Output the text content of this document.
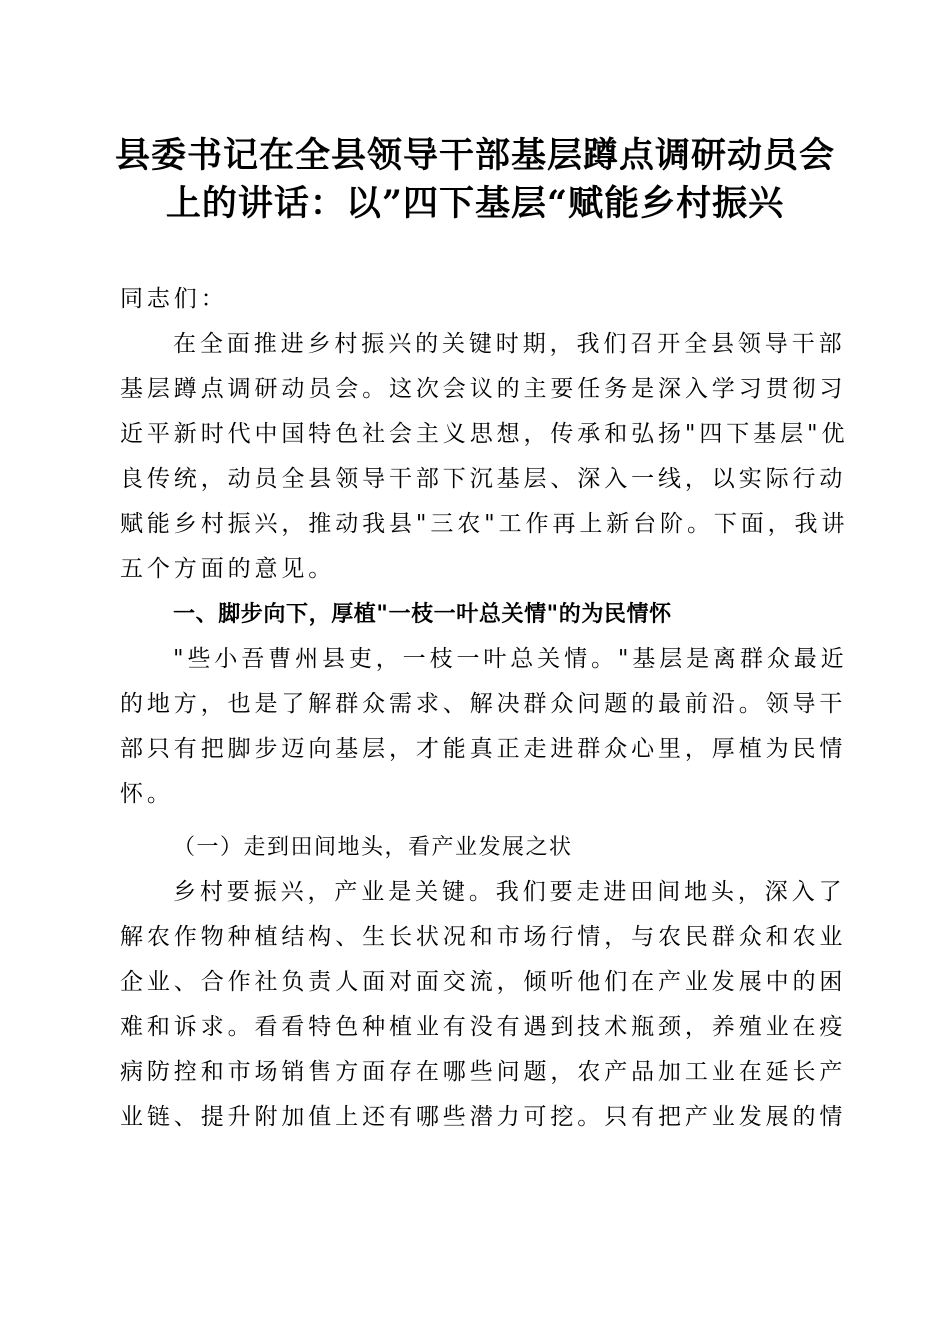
县委书记在全县领导干部基层蹲点调研动员会
上的讲话：以”四下基层“赋能乡村振兴

同志们：

在全面推进乡村振兴的关键时期，我们召开全县领导干部
基层蹲点调研动员会。这次会议的主要任务是深入学习贯彻习
近平新时代中国特色社会主义思想，传承和弘扬"四下基层"优
良传统，动员全县领导干部下沉基层、深入一线，以实际行动
赋能乡村振兴，推动我县"三农"工作再上新台阶。下面，我讲
五个方面的意见。

一、脚步向下，厚植"一枝一叶总关情"的为民情怀

"些小吾曹州县吏，一枝一叶总关情。"基层是离群众最近
的地方，也是了解群众需求、解决群众问题的最前沿。领导干
部只有把脚步迈向基层，才能真正走进群众心里，厚植为民情
怀。

（一）走到田间地头，看产业发展之状

乡村要振兴，产业是关键。我们要走进田间地头，深入了
解农作物种植结构、生长状况和市场行情，与农民群众和农业
企业、合作社负责人面对面交流，倾听他们在产业发展中的困
难和诉求。看看特色种植业有没有遇到技术瓶颈，养殖业在疫
病防控和市场销售方面存在哪些问题，农产品加工业在延长产
业链、提升附加值上还有哪些潜力可挖。只有把产业发展的情
